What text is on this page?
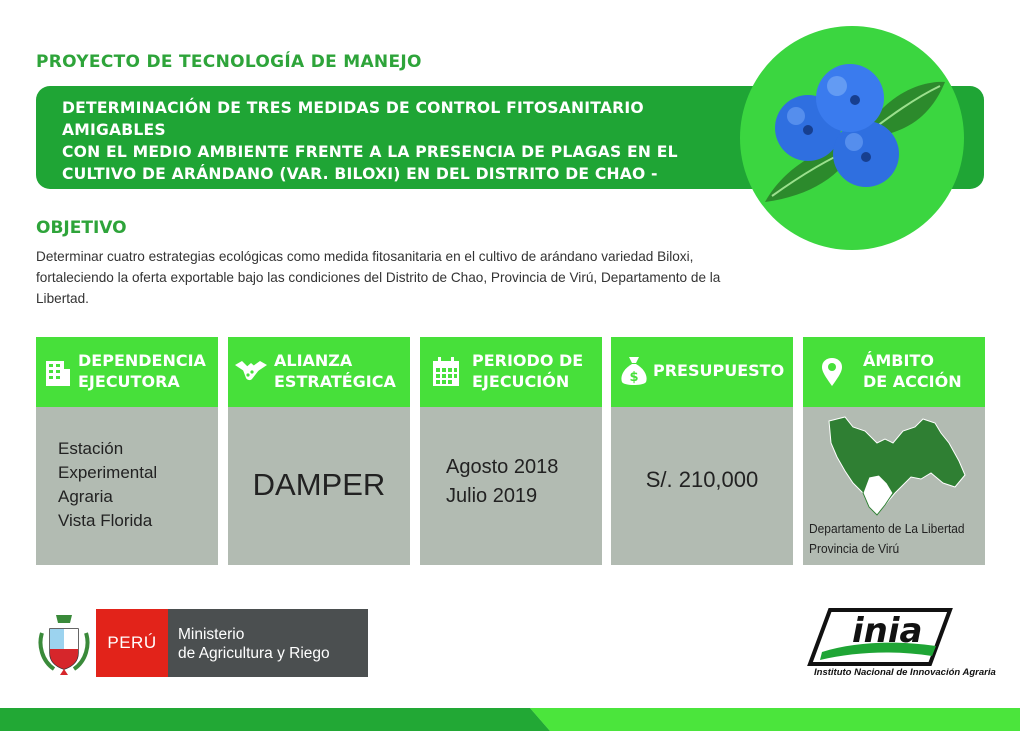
PROYECTO DE TECNOLOGÍA DE MANEJO

DETERMINACIÓN DE TRES MEDIDAS DE CONTROL FITOSANITARIO AMIGABLES
CON EL MEDIO AMBIENTE FRENTE A LA PRESENCIA DE PLAGAS EN EL
CULTIVO DE ARÁNDANO (VAR. BILOXI) EN DEL DISTRITO DE CHAO -
DEPARTAMENTO DE LA LIBERTAD.

OBJETIVO

Determinar cuatro estrategias ecológicas como medida fitosanitaria en el cultivo de arándano variedad Biloxi,
fortaleciendo la oferta exportable bajo las condiciones del Distrito de Chao, Provincia de Virú, Departamento de la
Libertad.

DEPENDENCIA
EJECUTORA
Estación
Experimental
Agraria
Vista Florida
ALIANZA
ESTRATÉGICA
DAMPER
PERIODO DE
EJECUCIÓN
Agosto 2018
Julio 2019
$ PRESUPUESTO
S/. 210,000
ÁMBITO
DE ACCIÓN
Departamento de La Libertad
Provincia de Virú
PERÚ	Ministerio
de Agricultura y Riego
inia
Instituto Nacional de Innovación Agraria
